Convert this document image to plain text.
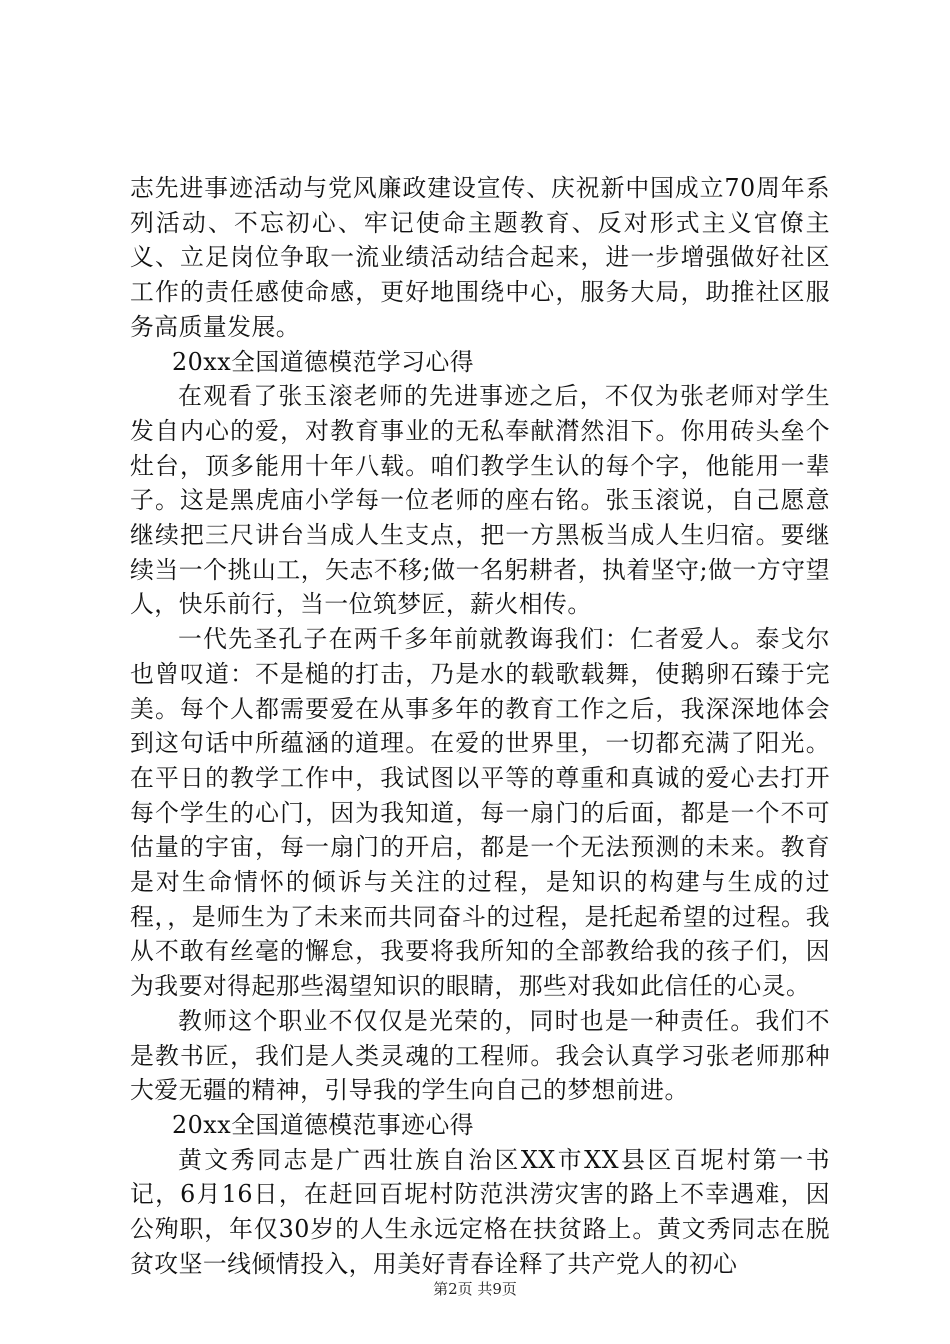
志先进事迹活动与党风廉政建设宣传、庆祝新中国成立70周年系列活动、不忘初心、牢记使命主题教育、反对形式主义官僚主义、立足岗位争取一流业绩活动结合起来，进一步增强做好社区工作的责任感使命感，更好地围绕中心，服务大局，助推社区服务高质量发展。

20xx全国道德模范学习心得

在观看了张玉滚老师的先进事迹之后，不仅为张老师对学生发自内心的爱，对教育事业的无私奉献潸然泪下。你用砖头垒个灶台，顶多能用十年八载。咱们教学生认的每个字，他能用一辈子。这是黑虎庙小学每一位老师的座右铭。张玉滚说，自己愿意继续把三尺讲台当成人生支点，把一方黑板当成人生归宿。要继续当一个挑山工，矢志不移;做一名躬耕者，执着坚守;做一方守望人，快乐前行，当一位筑梦匠，薪火相传。

一代先圣孔子在两千多年前就教诲我们：仁者爱人。泰戈尔也曾叹道：不是槌的打击，乃是水的载歌载舞，使鹅卵石臻于完美。每个人都需要爱在从事多年的教育工作之后，我深深地体会到这句话中所蕴涵的道理。在爱的世界里，一切都充满了阳光。在平日的教学工作中，我试图以平等的尊重和真诚的爱心去打开每个学生的心门，因为我知道，每一扇门的后面，都是一个不可估量的宇宙，每一扇门的开启，都是一个无法预测的未来。教育是对生命情怀的倾诉与关注的过程，是知识的构建与生成的过程，，是师生为了未来而共同奋斗的过程，是托起希望的过程。我从不敢有丝毫的懈怠，我要将我所知的全部教给我的孩子们，因为我要对得起那些渴望知识的眼睛，那些对我如此信任的心灵。

教师这个职业不仅仅是光荣的，同时也是一种责任。我们不是教书匠，我们是人类灵魂的工程师。我会认真学习张老师那种大爱无疆的精神，引导我的学生向自己的梦想前进。

20xx全国道德模范事迹心得

黄文秀同志是广西壮族自治区XX市XX县区百坭村第一书记，6月16日，在赶回百坭村防范洪涝灾害的路上不幸遇难，因公殉职，年仅30岁的人生永远定格在扶贫路上。黄文秀同志在脱贫攻坚一线倾情投入，用美好青春诠释了共产党人的初心

第2页 共9页
